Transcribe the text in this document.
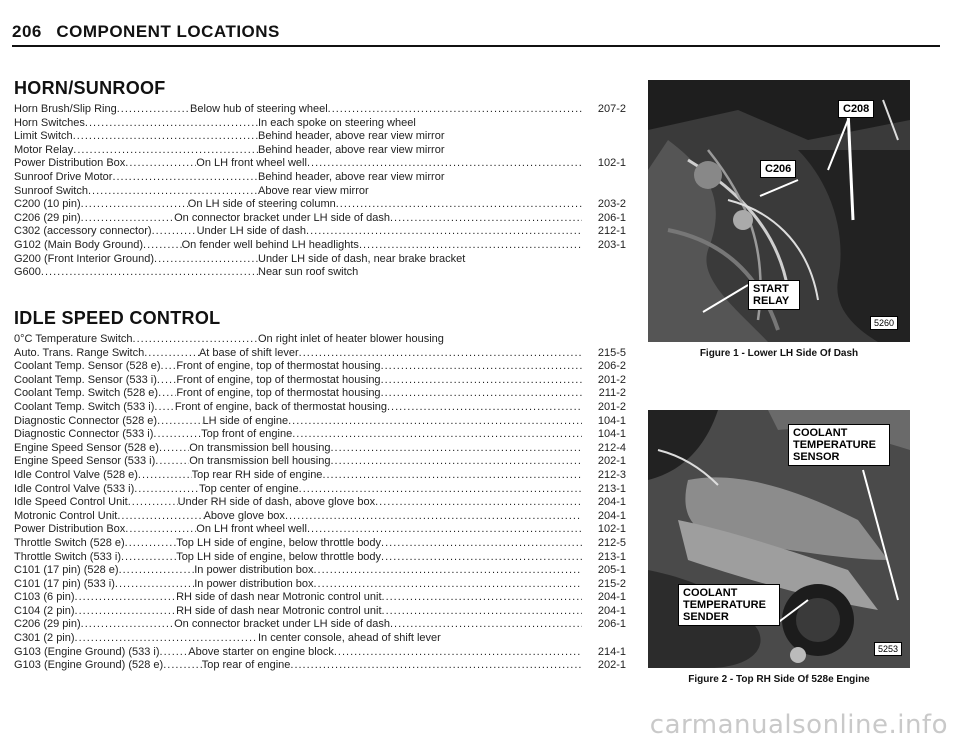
206 COMPONENT LOCATIONS
HORN/SUNROOF
Horn Brush/Slip Ring .....	Below hub of steering wheel .....	207-2
Horn Switches .....	In each spoke on steering wheel
Limit Switch .....	Behind header, above rear view mirror
Motor Relay .....	Behind header, above rear view mirror
Power Distribution Box .....	On LH front wheel well .....	102-1
Sunroof Drive Motor .....	Behind header, above rear view mirror
Sunroof Switch .....	Above rear view mirror
C200 (10 pin) .....	On LH side of steering column .....	203-2
C206 (29 pin) .....	On connector bracket under LH side of dash .....	206-1
C302 (accessory connector) .....	Under LH side of dash .....	212-1
G102 (Main Body Ground) .....	On fender well behind LH headlights .....	203-1
G200 (Front Interior Ground) .....	Under LH side of dash, near brake bracket
G600 .....	Near sun roof switch
IDLE SPEED CONTROL
0°C Temperature Switch .....	On right inlet of heater blower housing
Auto. Trans. Range Switch .....	At base of shift lever .....	215-5
Coolant Temp. Sensor (528 e) ..... Front of engine, top of thermostat housing .....	206-2
Coolant Temp. Sensor (533 i) ..... Front of engine, top of thermostat housing .....	201-2
Coolant Temp. Switch (528 e) ..... Front of engine, top of thermostat housing .....	211-2
Coolant Temp. Switch (533 i) ..... Front of engine, back of thermostat housing .....	201-2
Diagnostic Connector (528 e) .....	LH side of engine .....	104-1
Diagnostic Connector (533 i) .....	Top front of engine .....	104-1
Engine Speed Sensor (528 e) .....	On transmission bell housing .....	212-4
Engine Speed Sensor (533 i) .....	On transmission bell housing .....	202-1
Idle Control Valve (528 e) .....	Top rear RH side of engine .....	212-3
Idle Control Valve (533 i) .....	Top center of engine .....	213-1
Idle Speed Control Unit .....	Under RH side of dash, above glove box .....	204-1
Motronic Control Unit .....	Above glove box .....	204-1
Power Distribution Box .....	On LH front wheel well .....	102-1
Throttle Switch (528 e) .....	Top LH side of engine, below throttle body .....	212-5
Throttle Switch (533 i) .....	Top LH side of engine, below throttle body .....	213-1
C101 (17 pin) (528 e) .....	In power distribution box .....	205-1
C101 (17 pin) (533 i) .....	In power distribution box .....	215-2
C103 (6 pin) .....	RH side of dash near Motronic control unit .....	204-1
C104 (2 pin) .....	RH side of dash near Motronic control unit .....	204-1
C206 (29 pin) .....	On connector bracket under LH side of dash .....	206-1
C301 (2 pin) .....	In center console, ahead of shift lever
G103 (Engine Ground) (533 i) .....	Above starter on engine block .....	214-1
G103 (Engine Ground) (528 e) .....	Top rear of engine .....	202-1
C208
C206
START RELAY
5260
Figure 1 - Lower LH Side Of Dash
COOLANT TEMPERATURE SENSOR
COOLANT TEMPERATURE SENDER
5253
Figure 2 - Top RH Side Of 528e Engine
carmanualsonline.info
